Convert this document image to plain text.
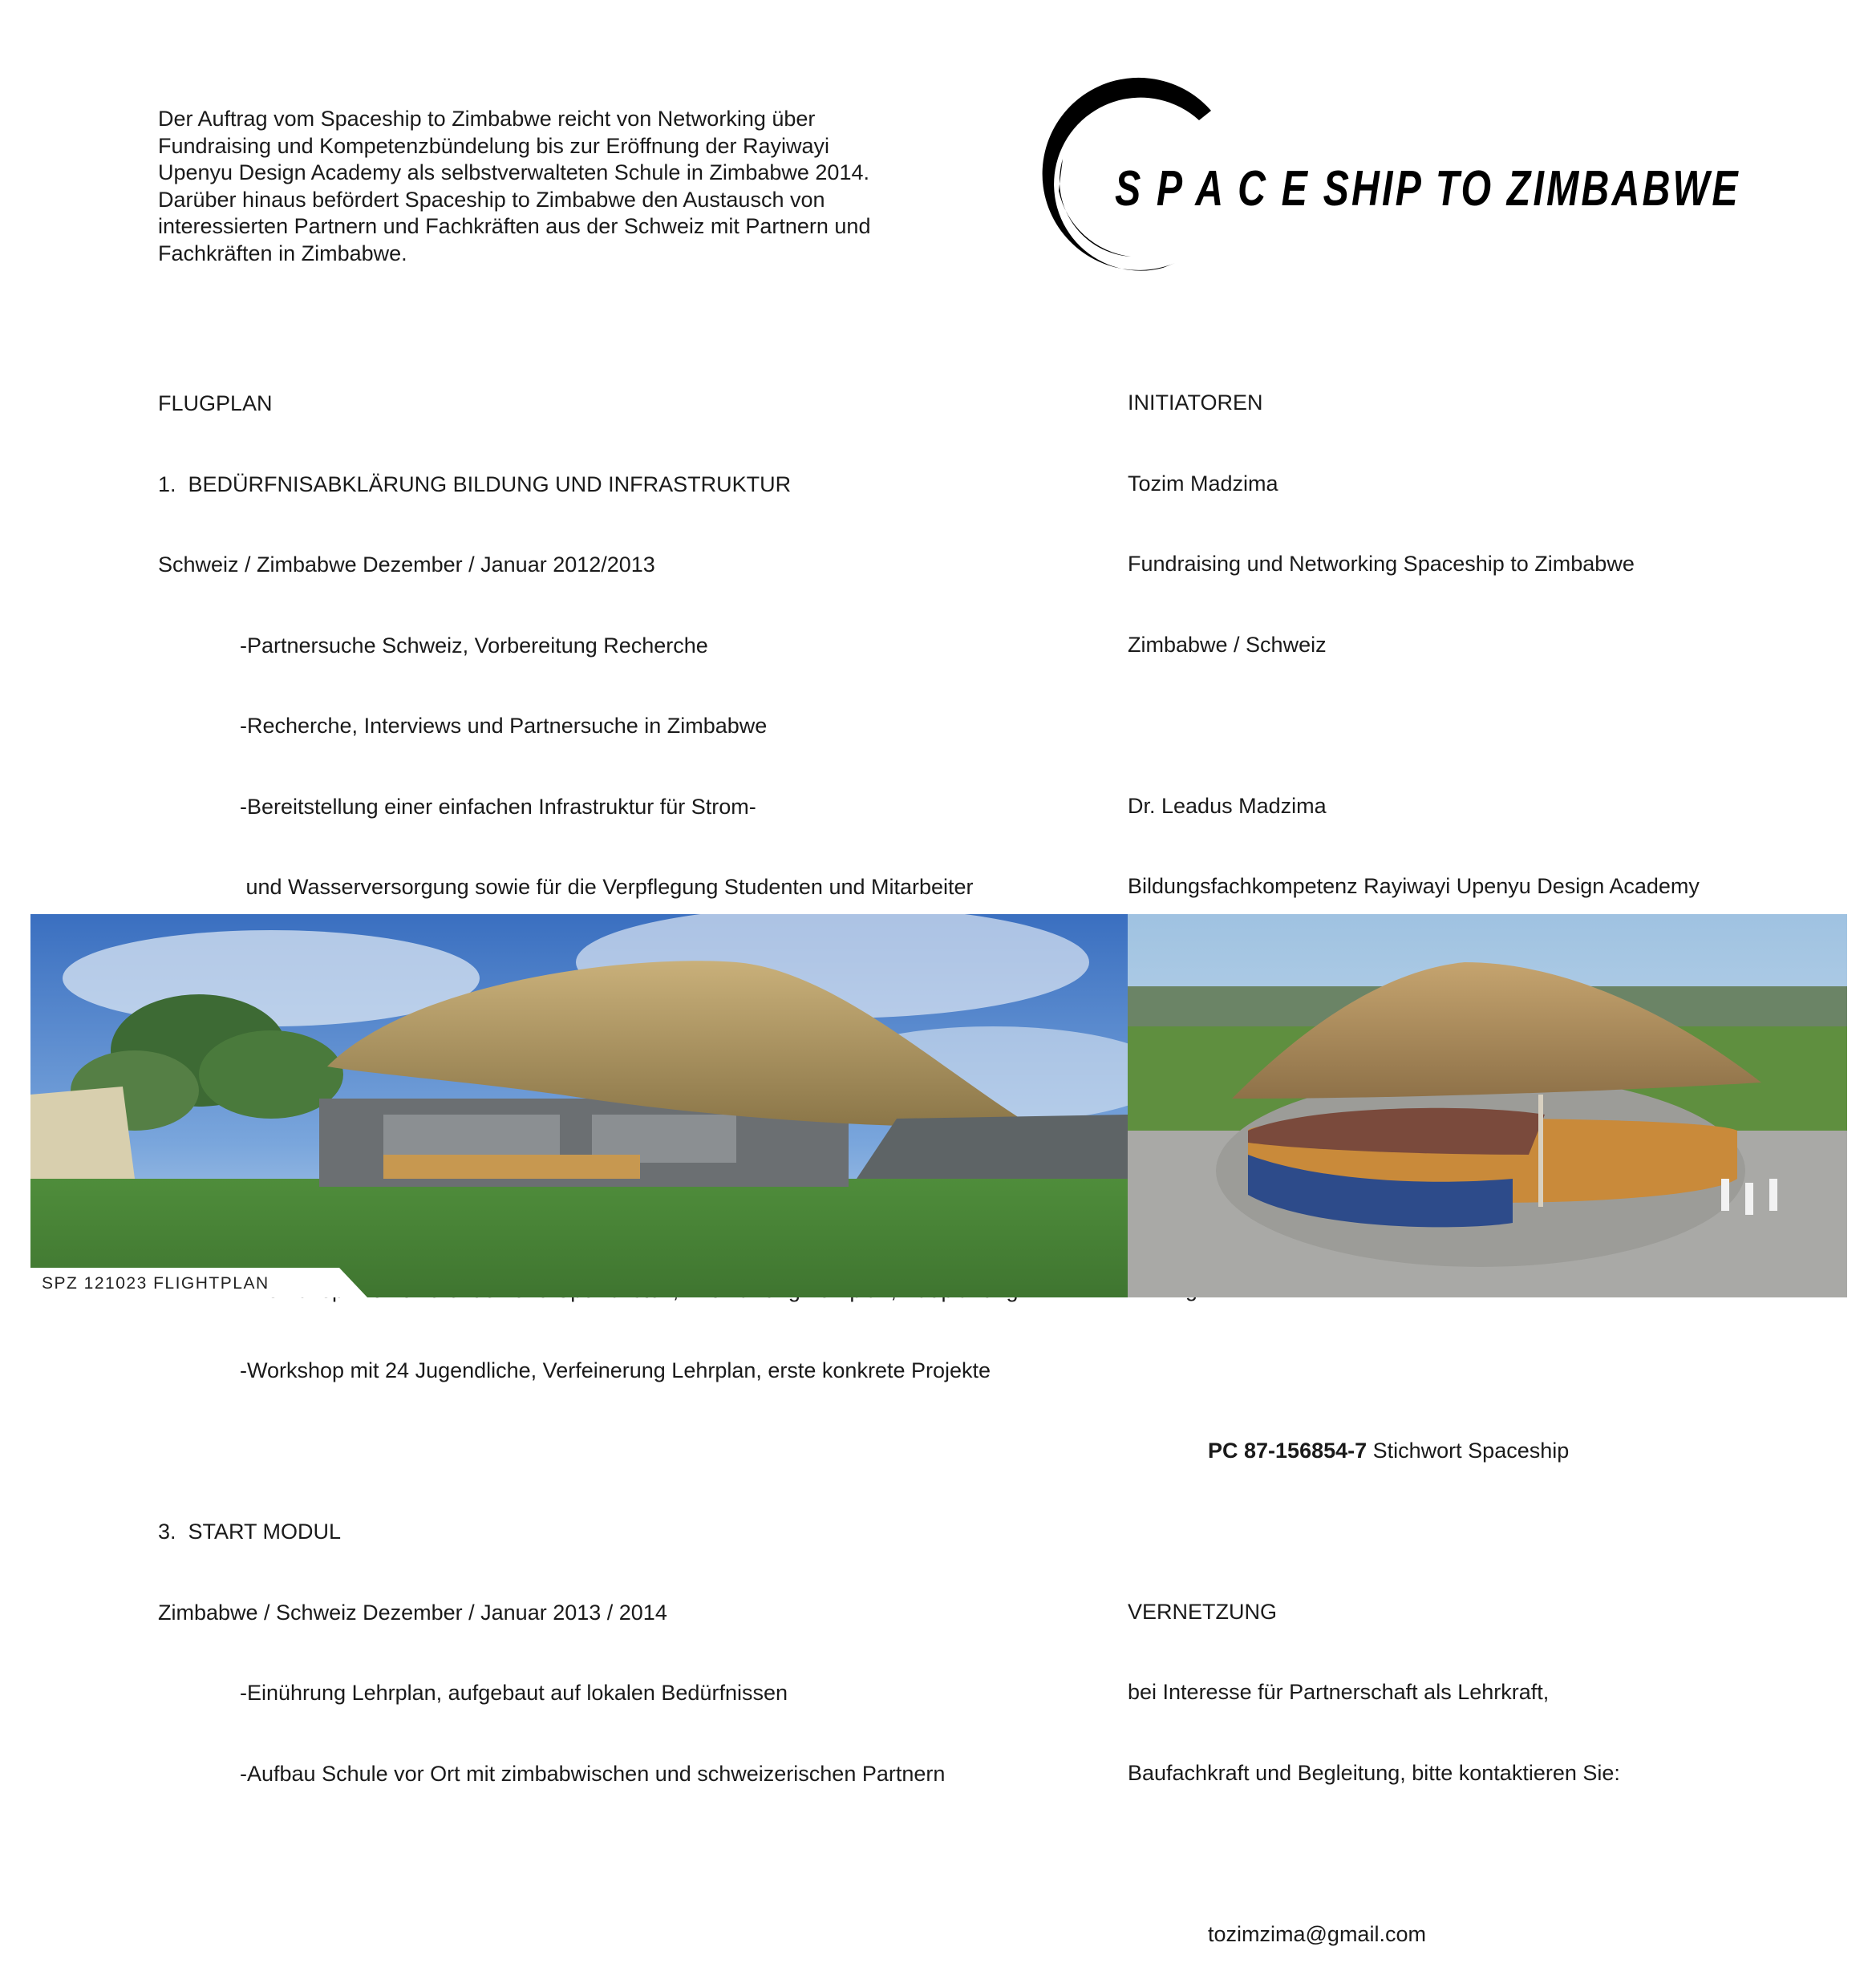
Der Auftrag vom Spaceship to Zimbabwe reicht von Networking über
Fundraising und Kompetenzbündelung bis zur Eröffnung der Rayiwayi
Upenyu Design Academy als selbstverwalteten Schule in Zimbabwe 2014.
Darüber hinaus befördert Spaceship to Zimbabwe den Austausch von
interessierten Partnern und Fachkräften aus der Schweiz mit Partnern und
Fachkräften in Zimbabwe.
S P A C E SHIP TO ZIMBABWE

FLUGPLAN

1.  BEDÜRFNISABKLÄRUNG BILDUNG UND INFRASTRUKTUR

Schweiz / Zimbabwe Dezember / Januar 2012/2013

-Partnersuche Schweiz, Vorbereitung Recherche

-Recherche, Interviews und Partnersuche in Zimbabwe

-Bereitstellung einer einfachen Infrastruktur für Strom-

und Wasserversorgung sowie für die Verpflegung Studenten und Mitarbeiter

-Workshop mit 24 Jugendliche, Verfeinerung Lehrplan, erste konkrete Projekte

3.  START MODUL

Zimbabwe / Schweiz Dezember / Januar 2013 / 2014

-Einührung Lehrplan, aufgebaut auf lokalen Bedürfnissen

-Aufbau Schule vor Ort mit zimbabwischen und schweizerischen Partnern

INITIATOREN

Tozim Madzima

Fundraising und Networking Spaceship to Zimbabwe

Zimbabwe / Schweiz

Dr. Leadus Madzima

Bildungsfachkompetenz Rayiwayi Upenyu Design Academy

PC 87-156854-7 Stichwort Spaceship

VERNETZUNG

bei Interesse für Partnerschaft als Lehrkraft,

Baufachkraft und Begleitung, bitte kontaktieren Sie:

tozimzima@gmail.com

SPZ 121023 FLIGHTPLAN
